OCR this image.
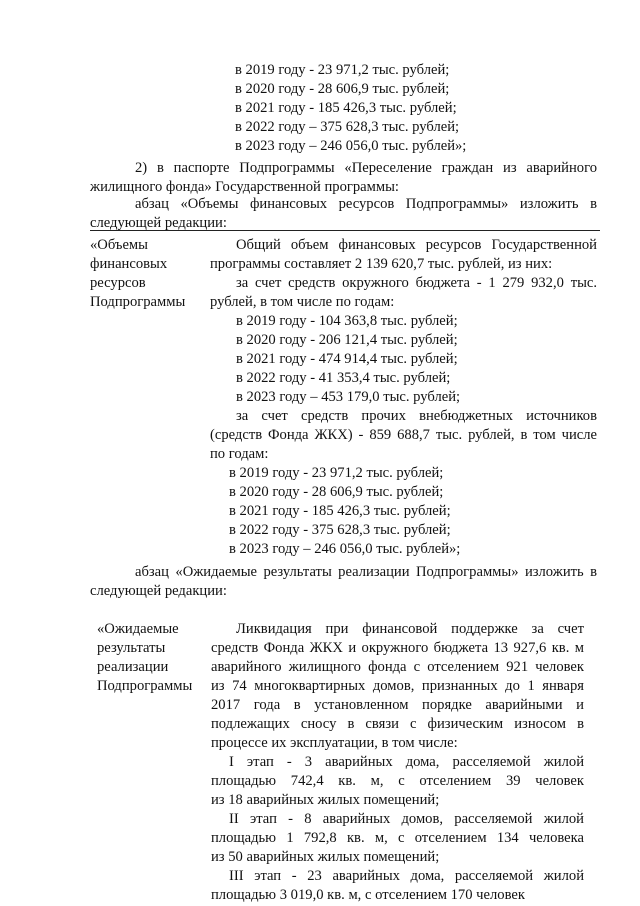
в 2019 году - 23 971,2 тыс. рублей;
в 2020 году - 28 606,9 тыс. рублей;
в 2021 году - 185 426,3 тыс. рублей;
в 2022 году – 375 628,3 тыс. рублей;
в 2023 году – 246 056,0 тыс. рублей»;
2) в паспорте Подпрограммы «Переселение граждан из аварийного
жилищного фонда» Государственной программы:
абзац «Объемы финансовых ресурсов Подпрограммы» изложить в
следующей редакции:
«Объемы
финансовых
ресурсов
Подпрограммы
Общий объем финансовых ресурсов Государственной
программы составляет 2 139 620,7 тыс. рублей, из них:
за счет средств окружного бюджета - 1 279 932,0 тыс.
рублей, в том числе по годам:
в 2019 году - 104 363,8 тыс. рублей;
в 2020 году - 206 121,4 тыс. рублей;
в 2021 году - 474 914,4 тыс. рублей;
в 2022 году - 41 353,4 тыс. рублей;
в 2023 году – 453 179,0 тыс. рублей;
за счет средств прочих внебюджетных источников
(средств Фонда ЖКХ) - 859 688,7 тыс. рублей, в том числе
по годам:
в 2019 году - 23 971,2 тыс. рублей;
в 2020 году - 28 606,9 тыс. рублей;
в 2021 году - 185 426,3 тыс. рублей;
в 2022 году - 375 628,3 тыс. рублей;
в 2023 году – 246 056,0 тыс. рублей»;
абзац «Ожидаемые результаты реализации Подпрограммы» изложить в
следующей редакции:
«Ожидаемые
результаты
реализации
Подпрограммы
Ликвидация при финансовой поддержке за счет
средств Фонда ЖКХ и окружного бюджета 13 927,6 кв. м
аварийного жилищного фонда с отселением 921 человек
из 74 многоквартирных домов, признанных до 1 января
2017 года в установленном порядке аварийными и
подлежащих сносу в связи с физическим износом в
процессе их эксплуатации, в том числе:
I этап - 3 аварийных дома, расселяемой жилой
площадью 742,4 кв. м, с отселением 39 человек
из 18 аварийных жилых помещений;
II этап - 8 аварийных домов, расселяемой жилой
площадью 1 792,8 кв. м, с отселением 134 человека
из 50 аварийных жилых помещений;
III этап - 23 аварийных дома, расселяемой жилой
площадью 3 019,0 кв. м, с отселением 170 человек
